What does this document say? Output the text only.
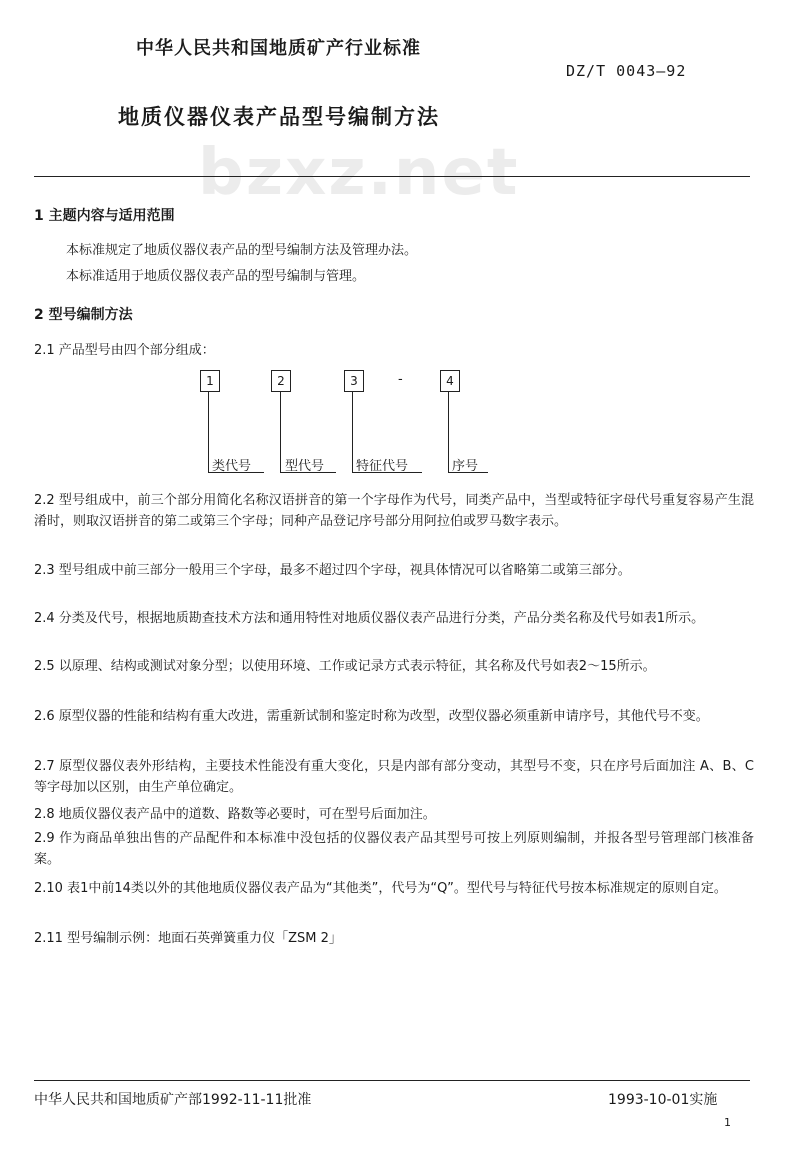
中华人民共和国地质矿产行业标准
DZ/T 0043—92
地质仪器仪表产品型号编制方法
bzxz.net
1 主题内容与适用范围
本标准规定了地质仪器仪表产品的型号编制方法及管理办法。
本标准适用于地质仪器仪表产品的型号编制与管理。
2 型号编制方法
2.1 产品型号由四个部分组成：
1	2	3	-	4
类代号	型代号 特征代号	序号
2.2 型号组成中，前三个部分用简化名称汉语拼音的第一个字母作为代号，同类产品中，当型或特征字母代号重复容易产生混淆时，则取汉语拼音的第二或第三个字母；同种产品登记序号部分用阿拉伯或罗马数字表示。
2.3 型号组成中前三部分一般用三个字母，最多不超过四个字母，视具体情况可以省略第二或第三部分。
2.4 分类及代号，根据地质勘查技术方法和通用特性对地质仪器仪表产品进行分类，产品分类名称及代号如表1所示。
2.5 以原理、结构或测试对象分型；以使用环境、工作或记录方式表示特征，其名称及代号如表2～15所示。
2.6 原型仪器的性能和结构有重大改进，需重新试制和鉴定时称为改型，改型仪器必须重新申请序号，其他代号不变。
2.7 原型仪器仪表外形结构，主要技术性能没有重大变化，只是内部有部分变动，其型号不变，只在序号后面加注 A、B、C 等字母加以区别，由生产单位确定。
2.8 地质仪器仪表产品中的道数、路数等必要时，可在型号后面加注。
2.9 作为商品单独出售的产品配件和本标准中没包括的仪器仪表产品其型号可按上列原则编制，并报各型号管理部门核准备案。
2.10 表1中前14类以外的其他地质仪器仪表产品为“其他类”，代号为“Q”。型代号与特征代号按本标准规定的原则自定。
2.11 型号编制示例：地面石英弹簧重力仪「ZSM 2」
中华人民共和国地质矿产部1992-11-11批准	1993-10-01实施
1
